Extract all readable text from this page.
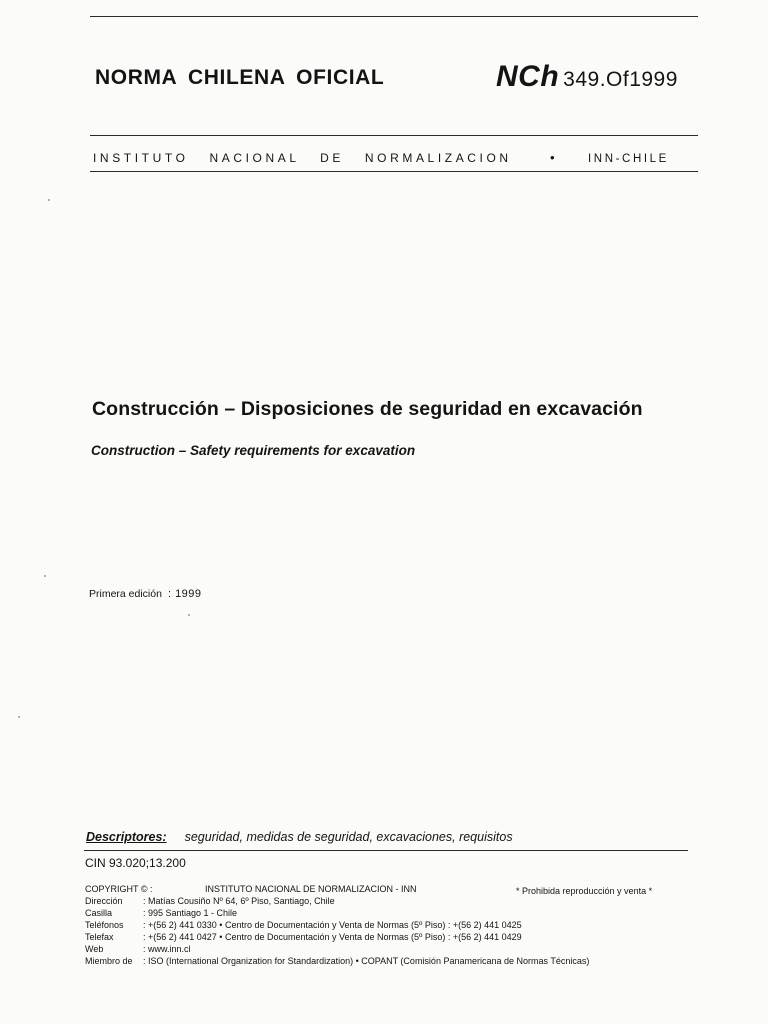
NORMA CHILENA OFICIAL	NCh 349.Of1999
INSTITUTO NACIONAL DE NORMALIZACION	•	INN-CHILE
Construcción – Disposiciones de seguridad en excavación
Construction – Safety requirements for excavation
Primera edición : 1999
Descriptores: seguridad, medidas de seguridad, excavaciones, requisitos
CIN 93.020;13.200
COPYRIGHT © :	INSTITUTO NACIONAL DE NORMALIZACION - INN	* Prohibida reproducción y venta *
Dirección : Matías Cousiño Nº 64, 6º Piso, Santiago, Chile
Casilla	: 995 Santiago 1 - Chile
Teléfonos : +(56 2) 441 0330 • Centro de Documentación y Venta de Normas (5º Piso) : +(56 2) 441 0425
Telefax	: +(56 2) 441 0427 • Centro de Documentación y Venta de Normas (5º Piso) : +(56 2) 441 0429
Web	: www.inn.cl
Miembro de : ISO (International Organization for Standardization) • COPANT (Comisión Panamericana de Normas Técnicas)
